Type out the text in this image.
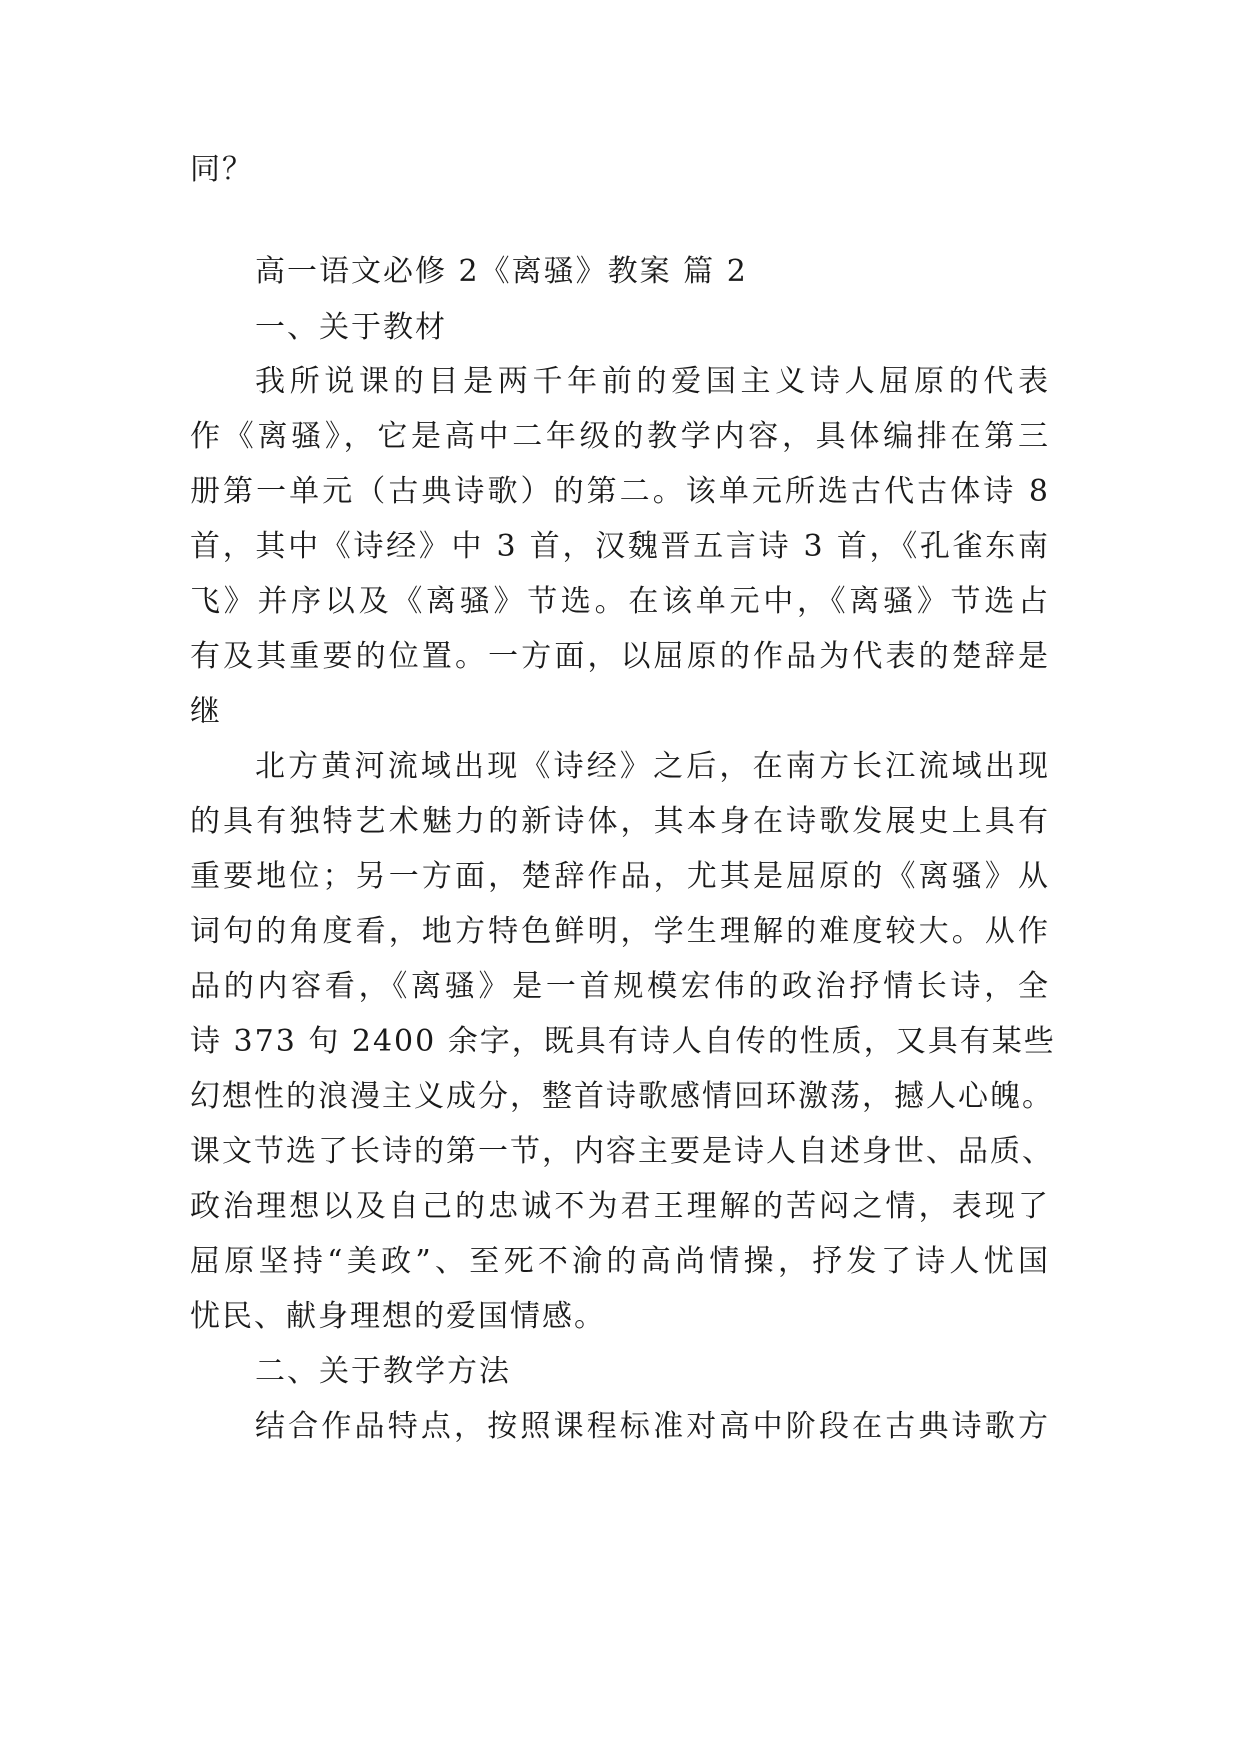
同？
高一语文必修 2《离骚》教案 篇 2
一、关于教材
我所说课的目是两千年前的爱国主义诗人屈原的代表
作《离骚》，它是高中二年级的教学内容，具体编排在第三
册第一单元（古典诗歌）的第二。该单元所选古代古体诗 8
首，其中《诗经》中 3 首，汉魏晋五言诗 3 首，《孔雀东南
飞》并序以及《离骚》节选。在该单元中，《离骚》节选占
有及其重要的位置。一方面，以屈原的作品为代表的楚辞是
继
北方黄河流域出现《诗经》之后，在南方长江流域出现
的具有独特艺术魅力的新诗体，其本身在诗歌发展史上具有
重要地位；另一方面，楚辞作品，尤其是屈原的《离骚》从
词句的角度看，地方特色鲜明，学生理解的难度较大。从作
品的内容看，《离骚》是一首规模宏伟的政治抒情长诗，全
诗 373 句 2400 余字，既具有诗人自传的性质，又具有某些
幻想性的浪漫主义成分，整首诗歌感情回环激荡，撼人心魄。
课文节选了长诗的第一节，内容主要是诗人自述身世、品质、
政治理想以及自己的忠诚不为君王理解的苦闷之情，表现了
屈原坚持“美政”、至死不渝的高尚情操，抒发了诗人忧国
忧民、献身理想的爱国情感。
二、关于教学方法
结合作品特点，按照课程标准对高中阶段在古典诗歌方
